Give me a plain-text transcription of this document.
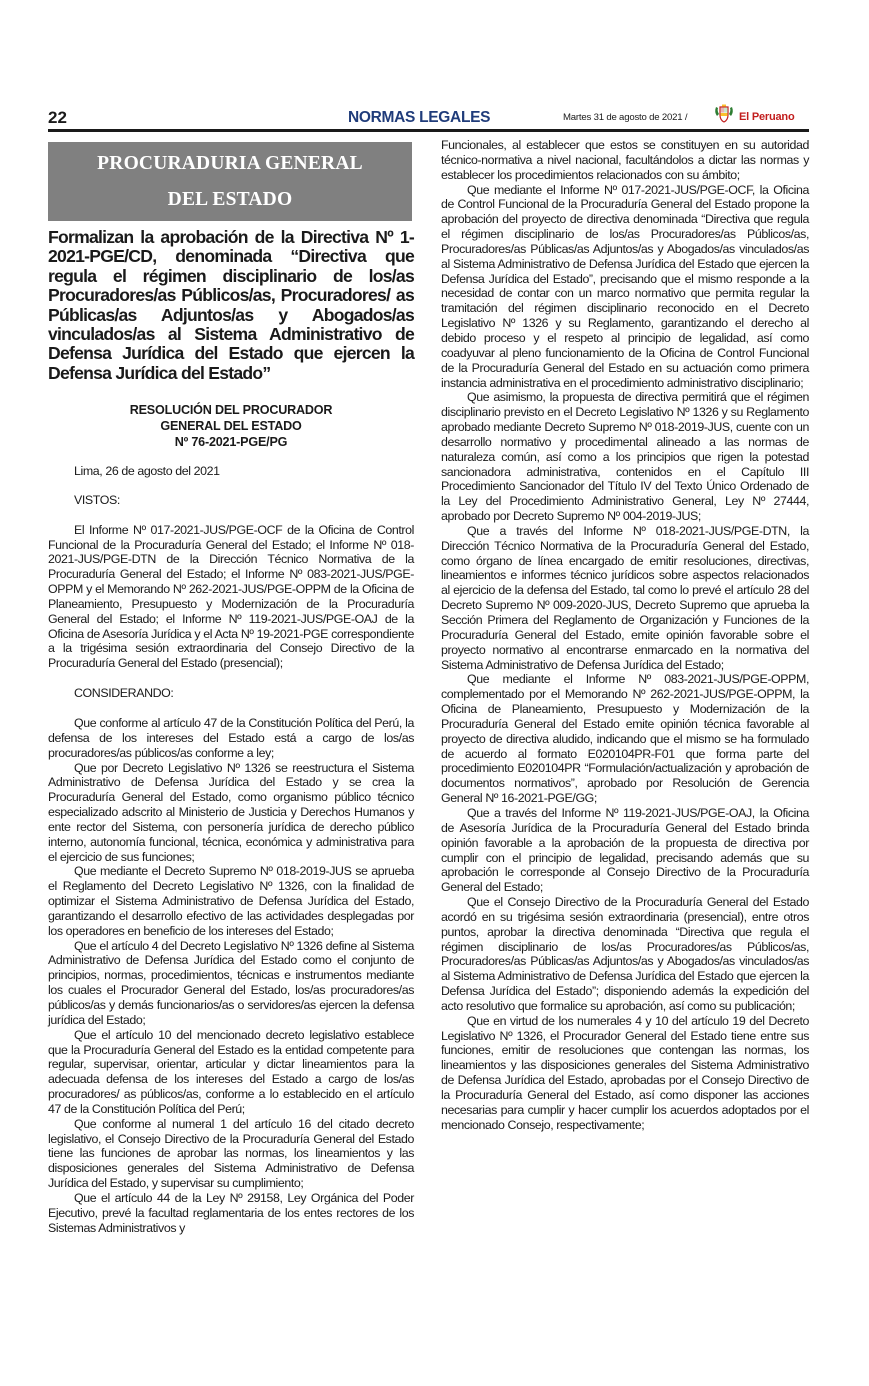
22	NORMAS LEGALES	Martes 31 de agosto de 2021 /	El Peruano
PROCURADURIA GENERAL
DEL ESTADO
Formalizan la aprobación de la Directiva Nº 1-2021-PGE/CD, denominada “Directiva que regula el régimen disciplinario de los/as Procuradores/as Públicos/as, Procuradores/ as Públicas/as Adjuntos/as y Abogados/as vinculados/as al Sistema Administrativo de Defensa Jurídica del Estado que ejercen la Defensa Jurídica del Estado”
RESOLUCIÓN DEL PROCURADOR
GENERAL DEL ESTADO
Nº 76-2021-PGE/PG

Lima, 26 de agosto del 2021

VISTOS:

El Informe Nº 017-2021-JUS/PGE-OCF de la Oficina de Control Funcional de la Procuraduría General del Estado; el Informe Nº 018-2021-JUS/PGE-DTN de la Dirección Técnico Normativa de la Procuraduría General del Estado; el Informe Nº 083-2021-JUS/PGE-OPPM y el Memorando Nº 262-2021-JUS/PGE-OPPM de la Oficina de Planeamiento, Presupuesto y Modernización de la Procuraduría General del Estado; el Informe Nº 119-2021-JUS/PGE-OAJ de la Oficina de Asesoría Jurídica y el Acta Nº 19-2021-PGE correspondiente a la trigésima sesión extraordinaria del Consejo Directivo de la Procuraduría General del Estado (presencial);

CONSIDERANDO:

Que conforme al artículo 47 de la Constitución Política del Perú, la defensa de los intereses del Estado está a cargo de los/as procuradores/as públicos/as conforme a ley;

Que por Decreto Legislativo Nº 1326 se reestructura el Sistema Administrativo de Defensa Jurídica del Estado y se crea la Procuraduría General del Estado, como organismo público técnico especializado adscrito al Ministerio de Justicia y Derechos Humanos y ente rector del Sistema, con personería jurídica de derecho público interno, autonomía funcional, técnica, económica y administrativa para el ejercicio de sus funciones;

Que mediante el Decreto Supremo Nº 018-2019-JUS se aprueba el Reglamento del Decreto Legislativo Nº 1326, con la finalidad de optimizar el Sistema Administrativo de Defensa Jurídica del Estado, garantizando el desarrollo efectivo de las actividades desplegadas por los operadores en beneficio de los intereses del Estado;

Que el artículo 4 del Decreto Legislativo Nº 1326 define al Sistema Administrativo de Defensa Jurídica del Estado como el conjunto de principios, normas, procedimientos, técnicas e instrumentos mediante los cuales el Procurador General del Estado, los/as procuradores/as públicos/as y demás funcionarios/as o servidores/as ejercen la defensa jurídica del Estado;

Que el artículo 10 del mencionado decreto legislativo establece que la Procuraduría General del Estado es la entidad competente para regular, supervisar, orientar, articular y dictar lineamientos para la adecuada defensa de los intereses del Estado a cargo de los/as procuradores/ as públicos/as, conforme a lo establecido en el artículo 47 de la Constitución Política del Perú;

Que conforme al numeral 1 del artículo 16 del citado decreto legislativo, el Consejo Directivo de la Procuraduría General del Estado tiene las funciones de aprobar las normas, los lineamientos y las disposiciones generales del Sistema Administrativo de Defensa Jurídica del Estado, y supervisar su cumplimiento;

Que el artículo 44 de la Ley Nº 29158, Ley Orgánica del Poder Ejecutivo, prevé la facultad reglamentaria de los entes rectores de los Sistemas Administrativos y

Funcionales, al establecer que estos se constituyen en su autoridad técnico-normativa a nivel nacional, facultándolos a dictar las normas y establecer los procedimientos relacionados con su ámbito;

Que mediante el Informe Nº 017-2021-JUS/PGE-OCF, la Oficina de Control Funcional de la Procuraduría General del Estado propone la aprobación del proyecto de directiva denominada “Directiva que regula el régimen disciplinario de los/as Procuradores/as Públicos/as, Procuradores/as Públicas/as Adjuntos/as y Abogados/as vinculados/as al Sistema Administrativo de Defensa Jurídica del Estado que ejercen la Defensa Jurídica del Estado”, precisando que el mismo responde a la necesidad de contar con un marco normativo que permita regular la tramitación del régimen disciplinario reconocido en el Decreto Legislativo Nº 1326 y su Reglamento, garantizando el derecho al debido proceso y el respeto al principio de legalidad, así como coadyuvar al pleno funcionamiento de la Oficina de Control Funcional de la Procuraduría General del Estado en su actuación como primera instancia administrativa en el procedimiento administrativo disciplinario;

Que asimismo, la propuesta de directiva permitirá que el régimen disciplinario previsto en el Decreto Legislativo Nº 1326 y su Reglamento aprobado mediante Decreto Supremo Nº 018-2019-JUS, cuente con un desarrollo normativo y procedimental alineado a las normas de naturaleza común, así como a los principios que rigen la potestad sancionadora administrativa, contenidos en el Capítulo III Procedimiento Sancionador del Título IV del Texto Único Ordenado de la Ley del Procedimiento Administrativo General, Ley Nº 27444, aprobado por Decreto Supremo Nº 004-2019-JUS;

Que a través del Informe Nº 018-2021-JUS/PGE-DTN, la Dirección Técnico Normativa de la Procuraduría General del Estado, como órgano de línea encargado de emitir resoluciones, directivas, lineamientos e informes técnico jurídicos sobre aspectos relacionados al ejercicio de la defensa del Estado, tal como lo prevé el artículo 28 del Decreto Supremo Nº 009-2020-JUS, Decreto Supremo que aprueba la Sección Primera del Reglamento de Organización y Funciones de la Procuraduría General del Estado, emite opinión favorable sobre el proyecto normativo al encontrarse enmarcado en la normativa del Sistema Administrativo de Defensa Jurídica del Estado;

Que mediante el Informe Nº 083-2021-JUS/PGE-OPPM, complementado por el Memorando Nº 262-2021-JUS/PGE-OPPM, la Oficina de Planeamiento, Presupuesto y Modernización de la Procuraduría General del Estado emite opinión técnica favorable al proyecto de directiva aludido, indicando que el mismo se ha formulado de acuerdo al formato E020104PR-F01 que forma parte del procedimiento E020104PR “Formulación/actualización y aprobación de documentos normativos”, aprobado por Resolución de Gerencia General Nº 16-2021-PGE/GG;

Que a través del Informe Nº 119-2021-JUS/PGE-OAJ, la Oficina de Asesoría Jurídica de la Procuraduría General del Estado brinda opinión favorable a la aprobación de la propuesta de directiva por cumplir con el principio de legalidad, precisando además que su aprobación le corresponde al Consejo Directivo de la Procuraduría General del Estado;

Que el Consejo Directivo de la Procuraduría General del Estado acordó en su trigésima sesión extraordinaria (presencial), entre otros puntos, aprobar la directiva denominada “Directiva que regula el régimen disciplinario de los/as Procuradores/as Públicos/as, Procuradores/as Públicas/as Adjuntos/as y Abogados/as vinculados/as al Sistema Administrativo de Defensa Jurídica del Estado que ejercen la Defensa Jurídica del Estado”; disponiendo además la expedición del acto resolutivo que formalice su aprobación, así como su publicación;

Que en virtud de los numerales 4 y 10 del artículo 19 del Decreto Legislativo Nº 1326, el Procurador General del Estado tiene entre sus funciones, emitir de resoluciones que contengan las normas, los lineamientos y las disposiciones generales del Sistema Administrativo de Defensa Jurídica del Estado, aprobadas por el Consejo Directivo de la Procuraduría General del Estado, así como disponer las acciones necesarias para cumplir y hacer cumplir los acuerdos adoptados por el mencionado Consejo, respectivamente;
